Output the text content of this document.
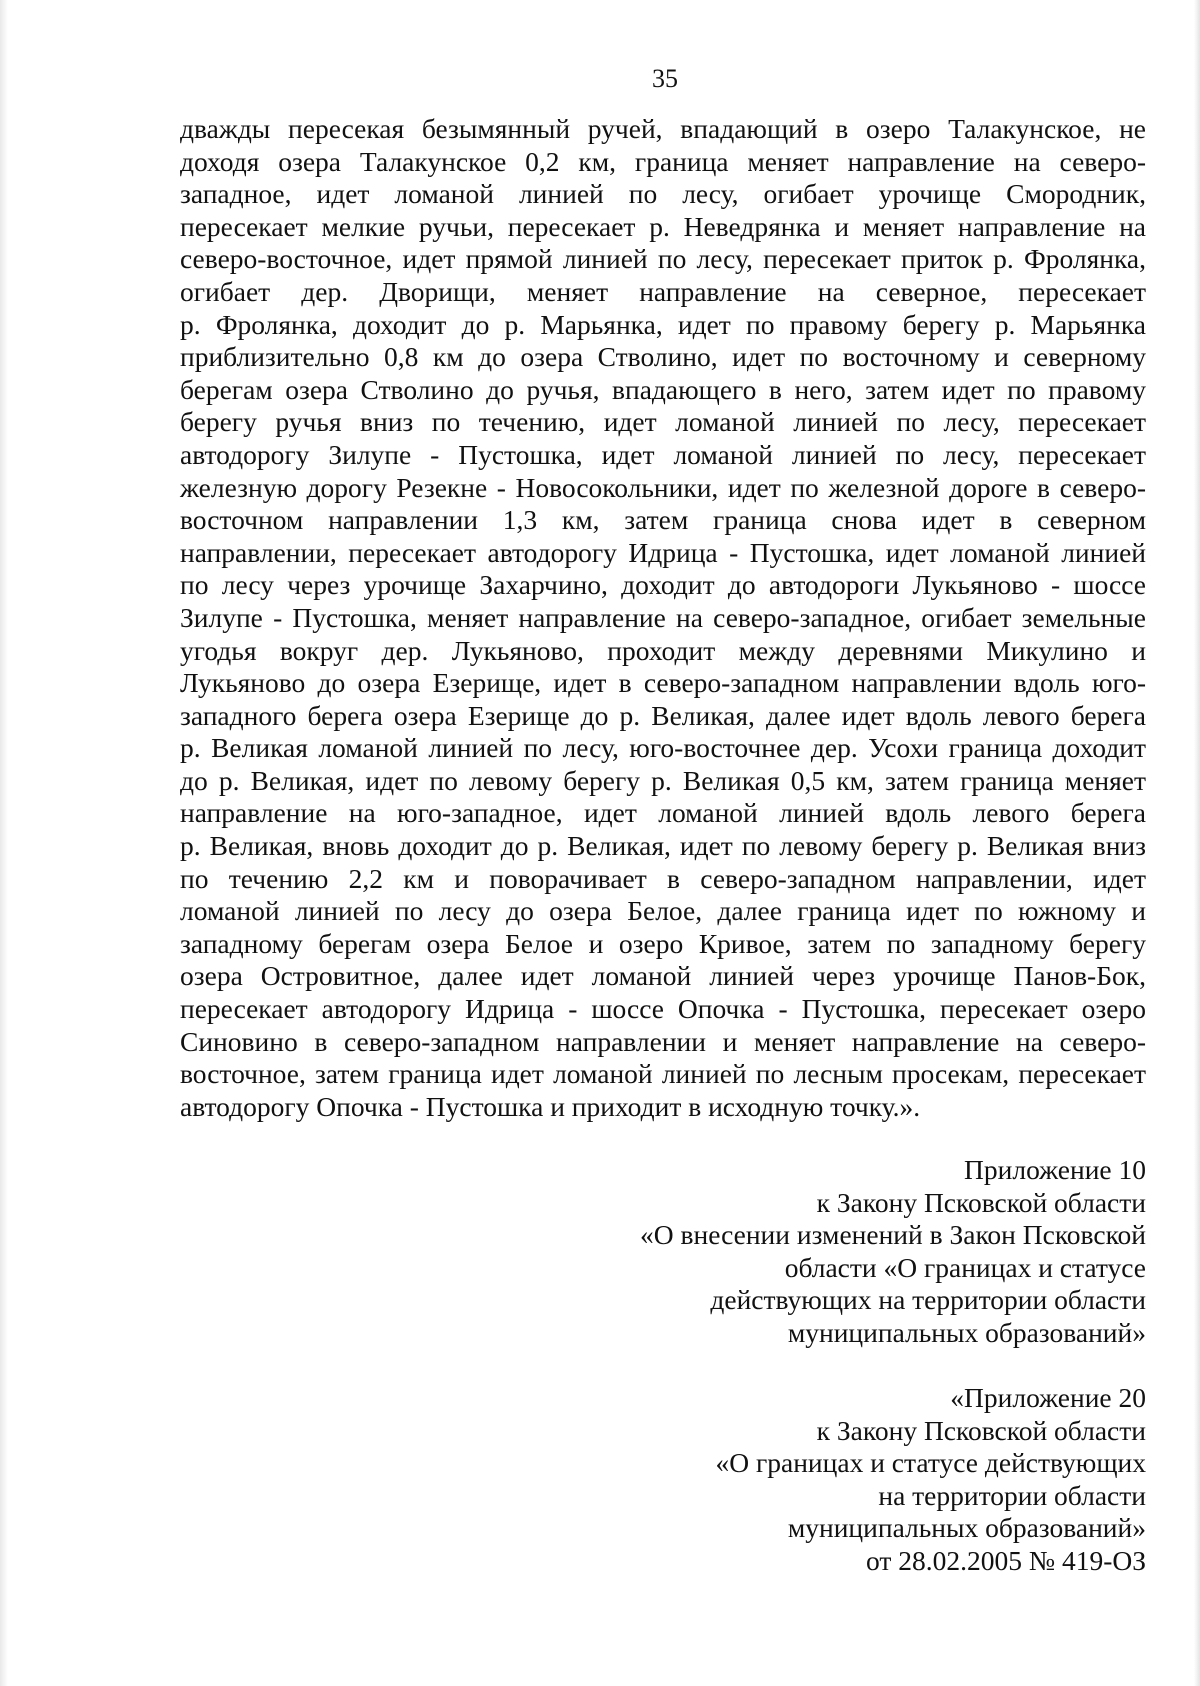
35
дважды пересекая безымянный ручей, впадающий в озеро Талакунское, не
доходя озера Талакунское 0,2 км, граница меняет направление на северо-
западное, идет ломаной линией по лесу, огибает урочище Смородник,
пересекает мелкие ручьи, пересекает р. Неведрянка и меняет направление на
северо-восточное, идет прямой линией по лесу, пересекает приток р. Фролянка,
огибает дер. Дворищи, меняет направление на северное, пересекает
р. Фролянка, доходит до р. Марьянка, идет по правому берегу р. Марьянка
приблизительно 0,8 км до озера Стволино, идет по восточному и северному
берегам озера Стволино до ручья, впадающего в него, затем идет по правому
берегу ручья вниз по течению, идет ломаной линией по лесу, пересекает
автодорогу Зилупе - Пустошка, идет ломаной линией по лесу, пересекает
железную дорогу Резекне - Новосокольники, идет по железной дороге в северо-
восточном направлении 1,3 км, затем граница снова идет в северном
направлении, пересекает автодорогу Идрица - Пустошка, идет ломаной линией
по лесу через урочище Захарчино, доходит до автодороги Лукьяново - шоссе
Зилупе - Пустошка, меняет направление на северо-западное, огибает земельные
угодья вокруг дер. Лукьяново, проходит между деревнями Микулино и
Лукьяново до озера Езерище, идет в северо-западном направлении вдоль юго-
западного берега озера Езерище до р. Великая, далее идет вдоль левого берега
р. Великая ломаной линией по лесу, юго-восточнее дер. Усохи граница доходит
до р. Великая, идет по левому берегу р. Великая 0,5 км, затем граница меняет
направление на юго-западное, идет ломаной линией вдоль левого берега
р. Великая, вновь доходит до р. Великая, идет по левому берегу р. Великая вниз
по течению 2,2 км и поворачивает в северо-западном направлении, идет
ломаной линией по лесу до озера Белое, далее граница идет по южному и
западному берегам озера Белое и озеро Кривое, затем по западному берегу
озера Островитное, далее идет ломаной линией через урочище Панов-Бок,
пересекает автодорогу Идрица - шоссе Опочка - Пустошка, пересекает озеро
Синовино в северо-западном направлении и меняет направление на северо-
восточное, затем граница идет ломаной линией по лесным просекам, пересекает
автодорогу Опочка - Пустошка и приходит в исходную точку.».
Приложение 10
к Закону Псковской области
«О внесении изменений в Закон Псковской
области «О границах и статусе
действующих на территории области
муниципальных образований»
«Приложение 20
к Закону Псковской области
«О границах и статусе действующих
на территории области
муниципальных образований»
от 28.02.2005 № 419-ОЗ
